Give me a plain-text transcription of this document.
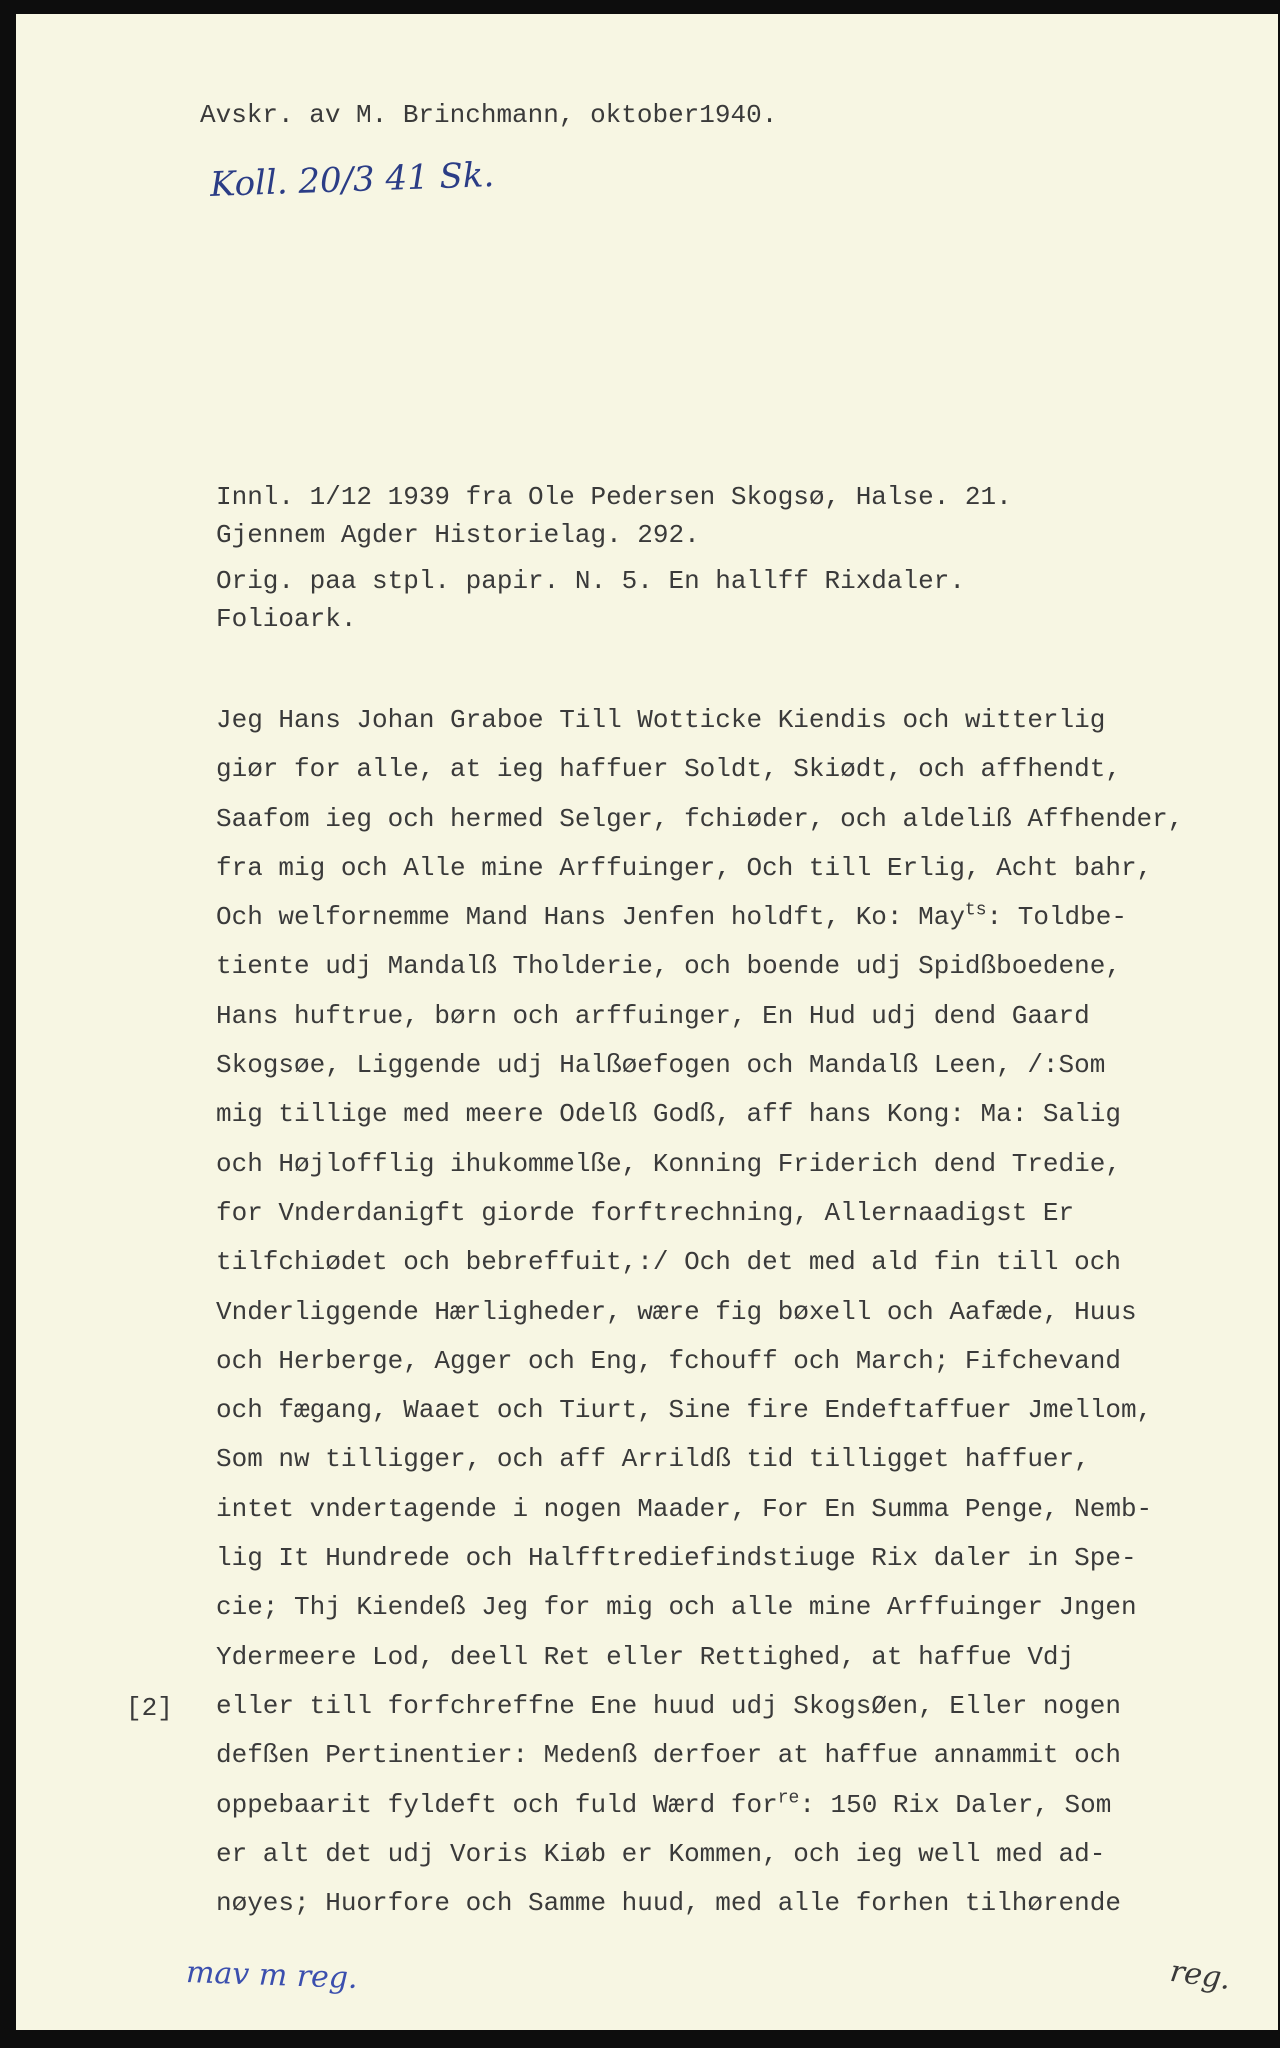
Avskr. av M. Brinchmann, oktober1940.

Koll. 20/3 41 Sk.
Innl. 1/12 1939 fra Ole Pedersen Skogsø, Halse. 21.
Gjennem Agder Historielag. 292.
Orig. paa stpl. papir. N. 5. En hallff Rixdaler.
Folioark.
Jeg Hans Johan Graboe Till Wotticke Kiendis och witterlig
giør for alle, at ieg haffuer Soldt, Skiødt, och affhendt,
Saafom ieg och hermed Selger, fchiøder, och aldeliß Affhender,
fra mig och Alle mine Arffuinger, Och till Erlig, Acht bahr,
Och welfornemme Mand Hans Jenfen holdft, Ko: May$^{ts}$: Toldbe-
tiente udj Mandalß Tholderie, och boende udj Spidßboedene,
Hans huftrue, børn och arffuinger, En Hud udj dend Gaard
Skogsøe, Liggende udj Halßøefogen och Mandalß Leen, /:Som
mig tillige med meere Odelß Godß, aff hans Kong: Ma: Salig
och Højlofflig ihukommelße, Konning Friderich dend Tredie,
for Vnderdanigft giorde forftrechning, Allernaadigst Er
tilfchiødet och bebreffuit,:/ Och det med ald fin till och
Vnderliggende Hærligheder, wære fig bøxell och Aafæde, Huus
och Herberge, Agger och Eng, fchouff och March; Fifchevand
och fægang, Waaet och Tiurt, Sine fire Endeftaffuer Jmellom,
Som nw tilligger, och aff Arrildß tid tilligget haffuer,
intet vndertagende i nogen Maader, For En Summa Penge, Nemb-
lig It Hundrede och Halfftrediefindstiuge Rix daler in Spe-
cie; Thj Kiendeß Jeg for mig och alle mine Arffuinger Jngen
Ydermeere Lod, deell Ret eller Rettighed, at haffue Vdj
eller till forfchreffne Ene huud udj SkogsØen, Eller nogen
defßen Pertinentier: Medenß derfoer at haffue annammit och
oppebaarit fyldeft och fuld Wærd for$^{re}$: 150 Rix Daler, Som
er alt det udj Voris Kiøb er Kommen, och ieg well med ad-
nøyes; Huorfore och Samme huud, med alle forhen tilhørende
[2]
mav m reg.	reg.
